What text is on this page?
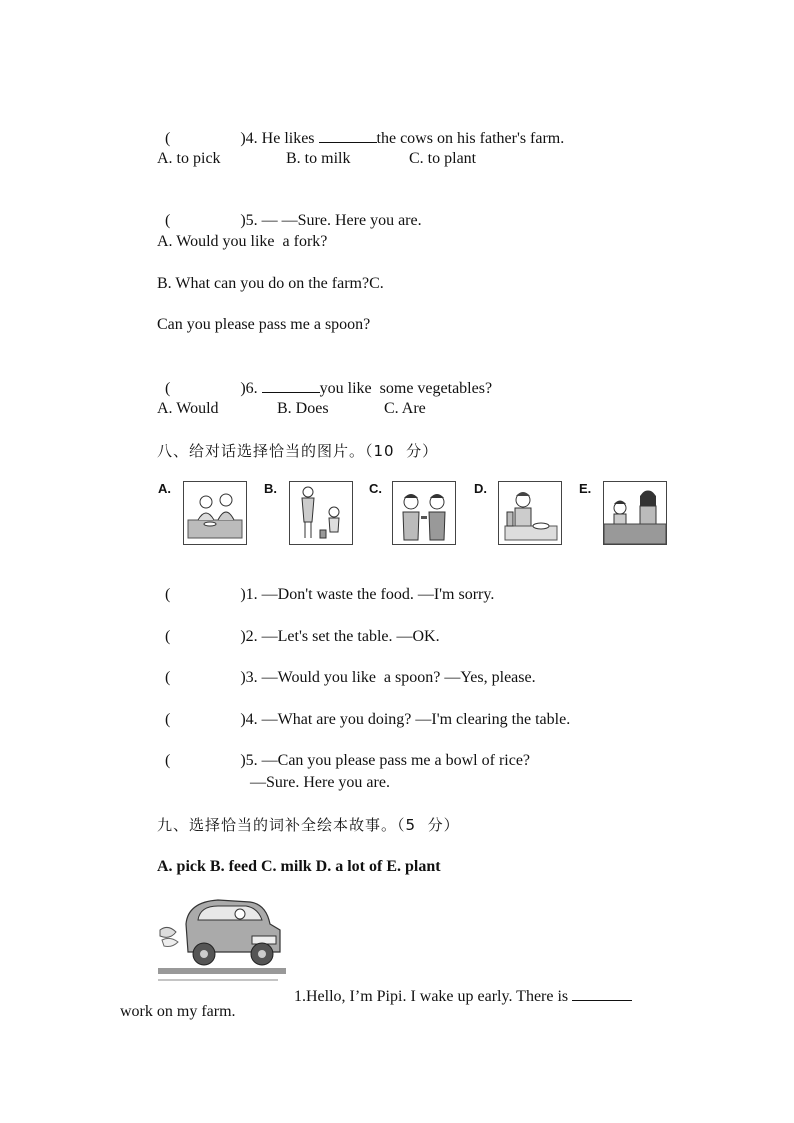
(	)4. He likes	the cows on his father's farm.

A. to pick	B. to milk	C. to plant

(	)5. — —Sure. Here you are.

A. Would you like  a fork?
B. What can you do on the farm?C.
Can you please pass me a spoon?

(	)6.	you like  some vegetables?

A. Would	B. Does	C. Are
八、给对话选择恰当的图片。（10  分）
A.	B.	C.	D.	E.

(	)1. —Don't waste the food. —I'm sorry.

(	)2. —Let's set the table. —OK.

(	)3. —Would you like  a spoon? —Yes, please.

(	)4. —What are you doing? —I'm clearing the table.

(	)5. —Can you please pass me a bowl of rice?

—Sure. Here you are.
九、选择恰当的词补全绘本故事。（5  分）
A. pick B. feed C. milk D. a lot of E. plant

1.Hello, I’m Pipi. I wake up early. There is

work on my farm.
